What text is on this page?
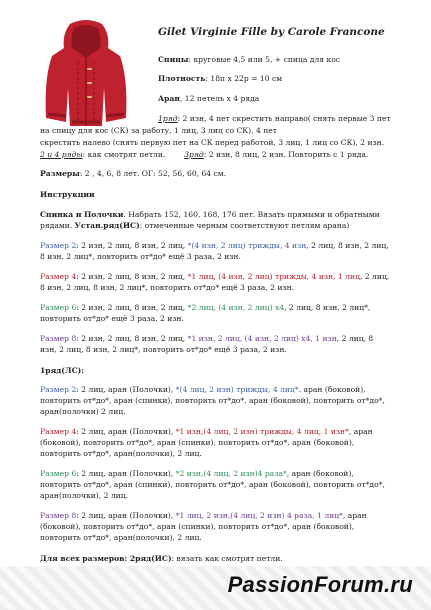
Gilet Virginie Fille by Carole Francone
Спицы: круговые 4,5 или 5, + спица для кос
Плотность: 18п x 22р = 10 см
Аран, 12 петель x 4 ряда
1ряд: 2 изн, 4 пет скрестить направо( снять первые 3 пет
на спицу для кос (СК) за работу, 1 лиц, 3 лиц со СК), 4 пет
скрестить налево (снять первую пет на СК перед работой, 3 лиц, 1 лиц со СК), 2 изн.
2 и 4 ряды: как смотрят петли. 3ряд: 2 изн, 8 лиц, 2 изн. Повторить с 1 ряда.
Размеры: 2 , 4, 6, 8 лет. ОГ: 52, 56, 60, 64 см.
Инструкции
Спинка и Полочки. Набрать 152, 160, 168, 176 пет. Вязать прямыми и обратными
рядами. Устан.ряд(ИС): отмеченные черным соответствуют петлям арана)
Размер 2: 2 изн, 2 лиц, 8 изн, 2 лиц, *(4 изн, 2 лиц) трижды, 4 изн, 2 лиц, 8 изн, 2 лиц,
8 изн, 2 лиц*, повторить от*до* ещё 3 раза, 2 изн.
Размер 4: 2 изн, 2 лиц, 8 изн, 2 лиц, *1 лиц, (4 изн, 2 лиц) трижды, 4 изн, 1 лиц, 2 лиц,
8 изн, 2 лиц, 8 изн, 2 лиц*, повторить от*до* ещё 3 раза, 2 изн.
Размер 6: 2 изн, 2 лиц, 8 изн, 2 лиц, *2 лиц, (4 изн, 2 лиц) x4, 2 лиц, 8 изн, 2 лиц*,
повторить от*до* ещё 3 раза, 2 изн.
Размер 8: 2 изн, 2 лиц, 8 изн, 2 лиц, *1 изн, 2 лиц, (4 изн, 2 лиц) x4, 1 изн, 2 лиц, 8
изн, 2 лиц, 8 изн, 2 лиц*, повторить от*до* ещё 3 раза, 2 изн.
1ряд(ЛС):
Размер 2: 2 лиц, аран (Полочки), *(4 лиц, 2 изн) трижды, 4 лиц*. аран (боковой),
повторить от*до*, аран (спинки), повторить от*до*, аран (боковой), повторить от*до*,
аран(полочки) 2 лиц.
Размер 4: 2 лиц, аран (Полочки), *1 изн,(4 лиц, 2 изн) трижды, 4 лиц, 1 изн*, аран
(боковой), повторить от*до*, аран (спинки), повторить от*до*, аран (боковой),
повторить от*до*, аран(полочки), 2 лиц.
Размер 6: 2 лиц, аран (Полочки), *2 изн,(4 лиц, 2 изн)4 раза*, аран (боковой),
повторить от*до*, аран (спинки), повторить от*до*, аран (боковой), повторить от*до*,
аран(полочки), 2 лиц.
Размер 8: 2 лиц, аран (Полочки), *1 лиц, 2 изн,(4 лиц, 2 изн) 4 раза, 1 лиц*, аран
(боковой), повторить от*до*, аран (спинки), повторить от*до*, аран (боковой),
повторить от*до*, аран(полочки), 2 лиц.
Для всех размеров: 2ряд(ИС): вязать как смотрят петли.
PassionForum.ru
